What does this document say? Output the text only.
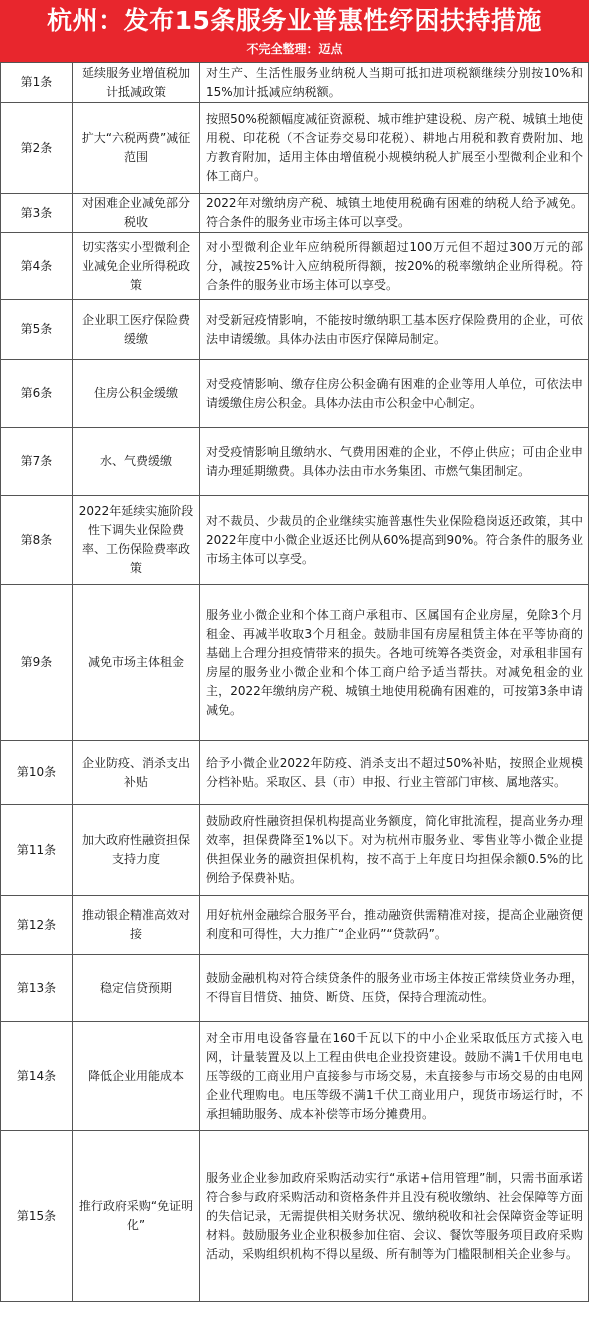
杭州：发布15条服务业普惠性纾困扶持措施
不完全整理：迈点
第1条	延续服务业增值税加计抵减政策	对生产、生活性服务业纳税人当期可抵扣进项税额继续分别按10%和15%加计抵减应纳税额。
第2条	扩大“六税两费”减征范围	按照50%税额幅度减征资源税、城市维护建设税、房产税、城镇土地使用税、印花税（不含证券交易印花税）、耕地占用税和教育费附加、地方教育附加，适用主体由增值税小规模纳税人扩展至小型微利企业和个体工商户。
第3条	对困难企业减免部分税收	2022年对缴纳房产税、城镇土地使用税确有困难的纳税人给予减免。符合条件的服务业市场主体可以享受。
第4条	切实落实小型微利企业减免企业所得税政策	对小型微利企业年应纳税所得额超过100万元但不超过300万元的部分，减按25%计入应纳税所得额，按20%的税率缴纳企业所得税。符合条件的服务业市场主体可以享受。
第5条	企业职工医疗保险费缓缴	对受新冠疫情影响，不能按时缴纳职工基本医疗保险费用的企业，可依法申请缓缴。具体办法由市医疗保障局制定。
第6条	住房公积金缓缴	对受疫情影响、缴存住房公积金确有困难的企业等用人单位，可依法申请缓缴住房公积金。具体办法由市公积金中心制定。
第7条	水、气费缓缴	对受疫情影响且缴纳水、气费用困难的企业，不停止供应；可由企业申请办理延期缴费。具体办法由市水务集团、市燃气集团制定。
第8条	2022年延续实施阶段性下调失业保险费率、工伤保险费率政策	对不裁员、少裁员的企业继续实施普惠性失业保险稳岗返还政策，其中2022年度中小微企业返还比例从60%提高到90%。符合条件的服务业市场主体可以享受。
第9条	减免市场主体租金	服务业小微企业和个体工商户承租市、区属国有企业房屋，免除3个月租金、再减半收取3个月租金。鼓励非国有房屋租赁主体在平等协商的基础上合理分担疫情带来的损失。各地可统筹各类资金，对承租非国有房屋的服务业小微企业和个体工商户给予适当帮扶。对减免租金的业主，2022年缴纳房产税、城镇土地使用税确有困难的，可按第3条申请减免。
第10条	企业防疫、消杀支出补贴	给予小微企业2022年防疫、消杀支出不超过50%补贴，按照企业规模分档补贴。采取区、县（市）申报、行业主管部门审核、属地落实。
第11条	加大政府性融资担保支持力度	鼓励政府性融资担保机构提高业务额度，简化审批流程，提高业务办理效率，担保费降至1%以下。对为杭州市服务业、零售业等小微企业提供担保业务的融资担保机构，按不高于上年度日均担保余额0.5%的比例给予保费补贴。
第12条	推动银企精准高效对接	用好杭州金融综合服务平台，推动融资供需精准对接，提高企业融资便利度和可得性，大力推广“企业码”“贷款码”。
第13条	稳定信贷预期	鼓励金融机构对符合续贷条件的服务业市场主体按正常续贷业务办理，不得盲目惜贷、抽贷、断贷、压贷，保持合理流动性。
第14条	降低企业用能成本	对全市用电设备容量在160千瓦以下的中小企业采取低压方式接入电网，计量装置及以上工程由供电企业投资建设。鼓励不满1千伏用电电压等级的工商业用户直接参与市场交易，未直接参与市场交易的由电网企业代理购电。电压等级不满1千伏工商业用户，现货市场运行时，不承担辅助服务、成本补偿等市场分摊费用。
第15条	推行政府采购“免证明化”	服务业企业参加政府采购活动实行“承诺+信用管理”制，只需书面承诺符合参与政府采购活动和资格条件并且没有税收缴纳、社会保障等方面的失信记录，无需提供相关财务状况、缴纳税收和社会保障资金等证明材料。鼓励服务业企业积极参加住宿、会议、餐饮等服务项目政府采购活动，采购组织机构不得以星级、所有制等为门槛限制相关企业参与。
